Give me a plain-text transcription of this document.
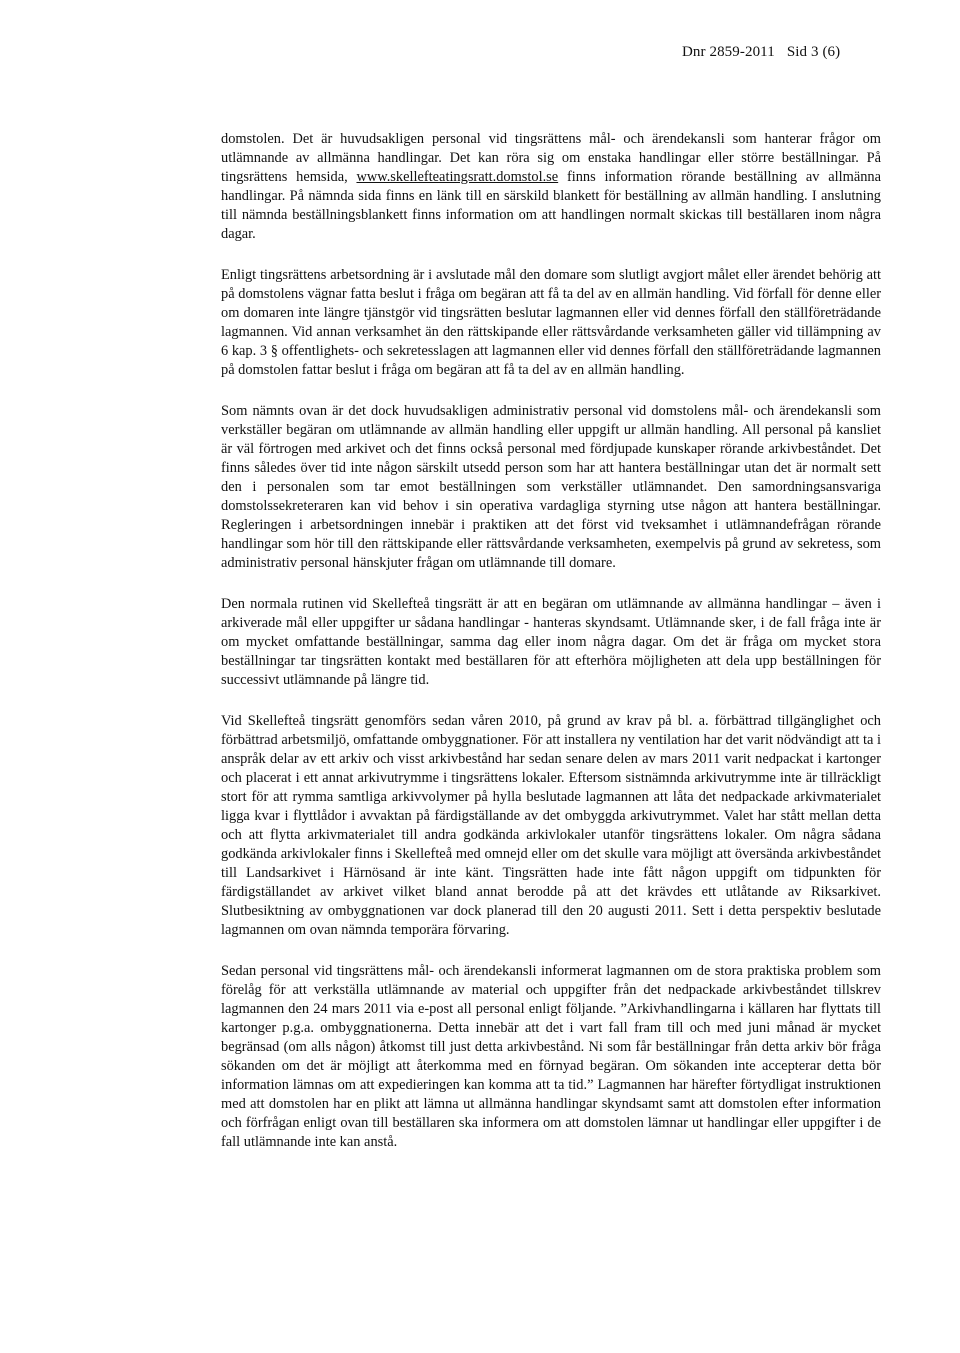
Dnr 2859-2011 Sid 3 (6)

domstolen. Det är huvudsakligen personal vid tingsrättens mål- och ärendekansli som hanterar frågor om utlämnande av allmänna handlingar. Det kan röra sig om enstaka handlingar eller större beställningar. På tingsrättens hemsida, www.skellefteatingsratt.domstol.se finns information rörande beställning av allmänna handlingar. På nämnda sida finns en länk till en särskild blankett för beställning av allmän handling. I anslutning till nämnda beställningsblankett finns information om att handlingen normalt skickas till beställaren inom några dagar.

Enligt tingsrättens arbetsordning är i avslutade mål den domare som slutligt avgjort målet eller ärendet behörig att på domstolens vägnar fatta beslut i fråga om begäran att få ta del av en allmän handling. Vid förfall för denne eller om domaren inte längre tjänstgör vid tingsrätten beslutar lagmannen eller vid dennes förfall den ställföreträdande lagmannen. Vid annan verksamhet än den rättskipande eller rättsvårdande verksamheten gäller vid tillämpning av 6 kap. 3 § offentlighets- och sekretesslagen att lagmannen eller vid dennes förfall den ställföreträdande lagmannen på domstolen fattar beslut i fråga om begäran att få ta del av en allmän handling.

Som nämnts ovan är det dock huvudsakligen administrativ personal vid domstolens mål- och ärendekansli som verkställer begäran om utlämnande av allmän handling eller uppgift ur allmän handling. All personal på kansliet är väl förtrogen med arkivet och det finns också personal med fördjupade kunskaper rörande arkivbeståndet. Det finns således över tid inte någon särskilt utsedd person som har att hantera beställningar utan det är normalt sett den i personalen som tar emot beställningen som verkställer utlämnandet. Den samordningsansvariga domstolssekreteraren kan vid behov i sin operativa vardagliga styrning utse någon att hantera beställningar. Regleringen i arbetsordningen innebär i praktiken att det först vid tveksamhet i utlämnandefrågan rörande handlingar som hör till den rättskipande eller rättsvårdande verksamheten, exempelvis på grund av sekretess, som administrativ personal hänskjuter frågan om utlämnande till domare.

Den normala rutinen vid Skellefteå tingsrätt är att en begäran om utlämnande av allmänna handlingar – även i arkiverade mål eller uppgifter ur sådana handlingar - hanteras skyndsamt. Utlämnande sker, i de fall fråga inte är om mycket omfattande beställningar, samma dag eller inom några dagar. Om det är fråga om mycket stora beställningar tar tingsrätten kontakt med beställaren för att efterhöra möjligheten att dela upp beställningen för successivt utlämnande på längre tid.

Vid Skellefteå tingsrätt genomförs sedan våren 2010, på grund av krav på bl. a. förbättrad tillgänglighet och förbättrad arbetsmiljö, omfattande ombyggnationer. För att installera ny ventilation har det varit nödvändigt att ta i anspråk delar av ett arkiv och visst arkivbestånd har sedan senare delen av mars 2011 varit nedpackat i kartonger och placerat i ett annat arkivutrymme i tingsrättens lokaler. Eftersom sistnämnda arkivutrymme inte är tillräckligt stort för att rymma samtliga arkivvolymer på hylla beslutade lagmannen att låta det nedpackade arkivmaterialet ligga kvar i flyttlådor i avvaktan på färdigställande av det ombyggda arkivutrymmet. Valet har stått mellan detta och att flytta arkivmaterialet till andra godkända arkivlokaler utanför tingsrättens lokaler. Om några sådana godkända arkivlokaler finns i Skellefteå med omnejd eller om det skulle vara möjligt att översända arkivbeståndet till Landsarkivet i Härnösand är inte känt. Tingsrätten hade inte fått någon uppgift om tidpunkten för färdigställandet av arkivet vilket bland annat berodde på att det krävdes ett utlåtande av Riksarkivet. Slutbesiktning av ombyggnationen var dock planerad till den 20 augusti 2011. Sett i detta perspektiv beslutade lagmannen om ovan nämnda temporära förvaring.

Sedan personal vid tingsrättens mål- och ärendekansli informerat lagmannen om de stora praktiska problem som förelåg för att verkställa utlämnande av material och uppgifter från det nedpackade arkivbeståndet tillskrev lagmannen den 24 mars 2011 via e-post all personal enligt följande. ”Arkivhandlingarna i källaren har flyttats till kartonger p.g.a. ombyggnationerna. Detta innebär att det i vart fall fram till och med juni månad är mycket begränsad (om alls någon) åtkomst till just detta arkivbestånd. Ni som får beställningar från detta arkiv bör fråga sökanden om det är möjligt att återkomma med en förnyad begäran. Om sökanden inte accepterar detta bör information lämnas om att expedieringen kan komma att ta tid.” Lagmannen har härefter förtydligat instruktionen med att domstolen har en plikt att lämna ut allmänna handlingar skyndsamt samt att domstolen efter information och förfrågan enligt ovan till beställaren ska informera om att domstolen lämnar ut handlingar eller uppgifter i de fall utlämnande inte kan anstå.
